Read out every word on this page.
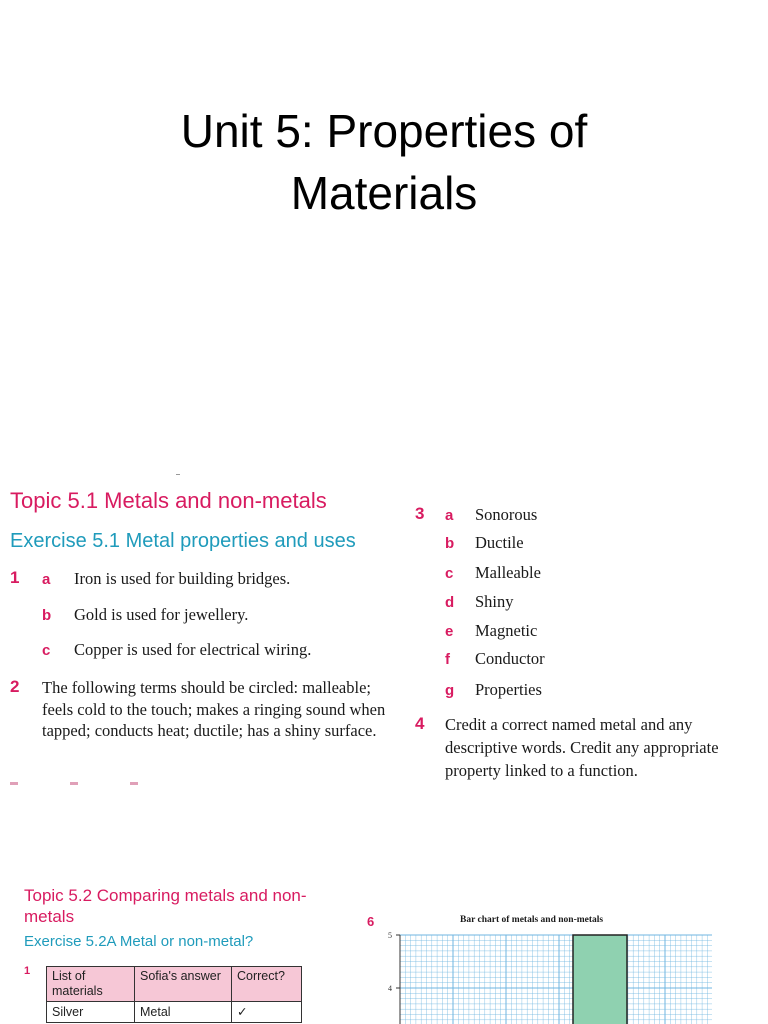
Unit 5: Properties of
Materials
Topic 5.1 Metals and non-metals
Exercise 5.1 Metal properties and uses
1 a Iron is used for building bridges.
b Gold is used for jewellery.
c Copper is used for electrical wiring.
2 The following terms should be circled: malleable; feels cold to the touch; makes a ringing sound when tapped; conducts heat; ductile; has a shiny surface.
3 a Sonorous
b Ductile
c Malleable
d Shiny
e Magnetic
f Conductor
g Properties
4 Credit a correct named metal and any descriptive words. Credit any appropriate property linked to a function.
Topic 5.2 Comparing metals and non-metals
Exercise 5.2A Metal or non-metal?
1 List of materials	Sofia's answer	Correct?
Silver	Metal	✓
6	Bar chart of metals and non-metals
5
4
